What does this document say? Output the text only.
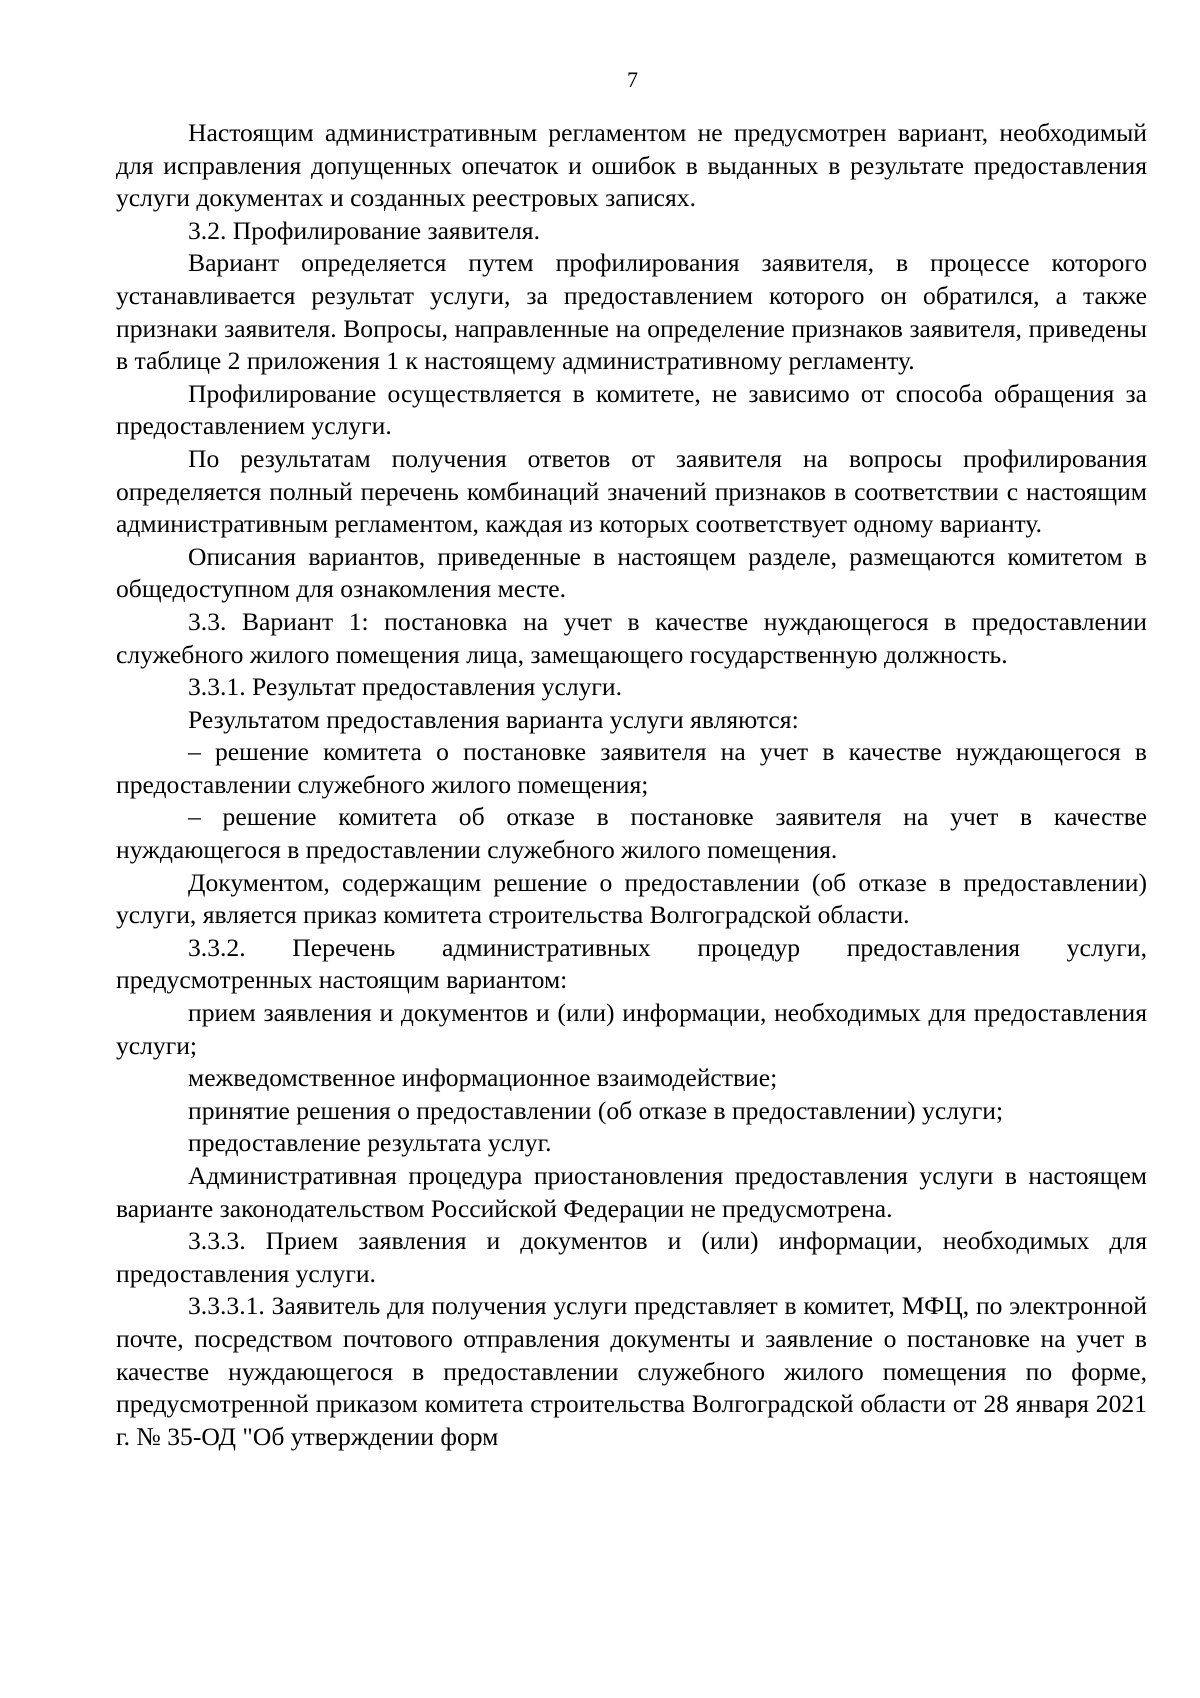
7

Настоящим административным регламентом не предусмотрен вариант, необходимый для исправления допущенных опечаток и ошибок в выданных в результате предоставления услуги документах и созданных реестровых записях.

3.2. Профилирование заявителя.

Вариант определяется путем профилирования заявителя, в процессе которого устанавливается результат услуги, за предоставлением которого он обратился, а также признаки заявителя. Вопросы, направленные на определение признаков заявителя, приведены в таблице 2 приложения 1 к настоящему административному регламенту.

Профилирование осуществляется в комитете, не зависимо от способа обращения за предоставлением услуги.

По результатам получения ответов от заявителя на вопросы профилирования определяется полный перечень комбинаций значений признаков в соответствии с настоящим административным регламентом, каждая из которых соответствует одному варианту.

Описания вариантов, приведенные в настоящем разделе, размещаются комитетом в общедоступном для ознакомления месте.

3.3. Вариант 1: постановка на учет в качестве нуждающегося в предоставлении служебного жилого помещения лица, замещающего государственную должность.

3.3.1. Результат предоставления услуги.

Результатом предоставления варианта услуги являются:

– решение комитета о постановке заявителя на учет в качестве нуждающегося в предоставлении служебного жилого помещения;

– решение комитета об отказе в постановке заявителя на учет в качестве нуждающегося в предоставлении служебного жилого помещения.

Документом, содержащим решение о предоставлении (об отказе в предоставлении) услуги, является приказ комитета строительства Волгоградской области.

3.3.2. Перечень административных процедур предоставления услуги, предусмотренных настоящим вариантом:

прием заявления и документов и (или) информации, необходимых для предоставления услуги;

межведомственное информационное взаимодействие;

принятие решения о предоставлении (об отказе в предоставлении) услуги;

предоставление результата услуг.

Административная процедура приостановления предоставления услуги в настоящем варианте законодательством Российской Федерации не предусмотрена.

3.3.3. Прием заявления и документов и (или) информации, необходимых для предоставления услуги.

3.3.3.1. Заявитель для получения услуги представляет в комитет, МФЦ, по электронной почте, посредством почтового отправления документы и заявление о постановке на учет в качестве нуждающегося в предоставлении служебного жилого помещения по форме, предусмотренной приказом комитета строительства Волгоградской области от 28 января 2021 г. № 35-ОД "Об утверждении форм
